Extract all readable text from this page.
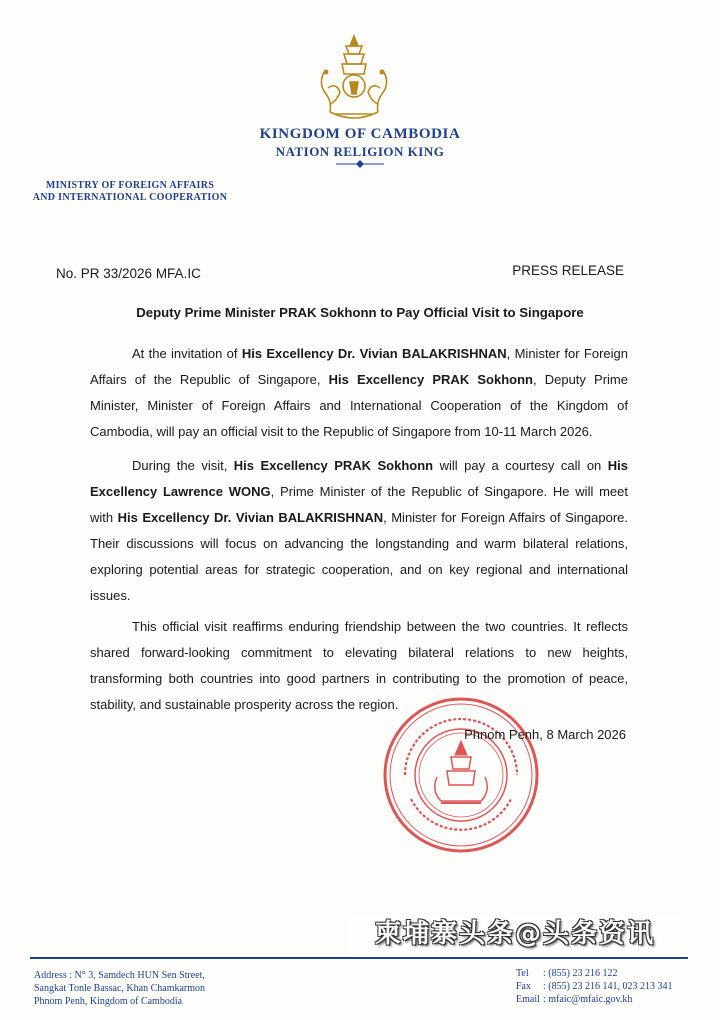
KINGDOM OF CAMBODIA
NATION RELIGION KING
MINISTRY OF FOREIGN AFFAIRS
AND INTERNATIONAL COOPERATION
No. PR 33/2026 MFA.IC	PRESS RELEASE
Deputy Prime Minister PRAK Sokhonn to Pay Official Visit to Singapore
At the invitation of His Excellency Dr. Vivian BALAKRISHNAN, Minister for Foreign Affairs of the Republic of Singapore, His Excellency PRAK Sokhonn, Deputy Prime Minister, Minister of Foreign Affairs and International Cooperation of the Kingdom of Cambodia, will pay an official visit to the Republic of Singapore from 10-11 March 2026.
During the visit, His Excellency PRAK Sokhonn will pay a courtesy call on His Excellency Lawrence WONG, Prime Minister of the Republic of Singapore. He will meet with His Excellency Dr. Vivian BALAKRISHNAN, Minister for Foreign Affairs of Singapore. Their discussions will focus on advancing the longstanding and warm bilateral relations, exploring potential areas for strategic cooperation, and on key regional and international issues.
This official visit reaffirms enduring friendship between the two countries. It reflects shared forward-looking commitment to elevating bilateral relations to new heights, transforming both countries into good partners in contributing to the promotion of peace, stability, and sustainable prosperity across the region.
Phnom Penh, 8 March 2026
柬埔寨头条@头条资讯
Address : N° 3, Samdech HUN Sen Street,
Sangkat Tonle Bassac, Khan Chamkarmon
Phnom Penh, Kingdom of Cambodia
Tel	: (855) 23 216 122
Fax	: (855) 23 216 141, 023 213 341
Email : mfaic@mfaic.gov.kh
